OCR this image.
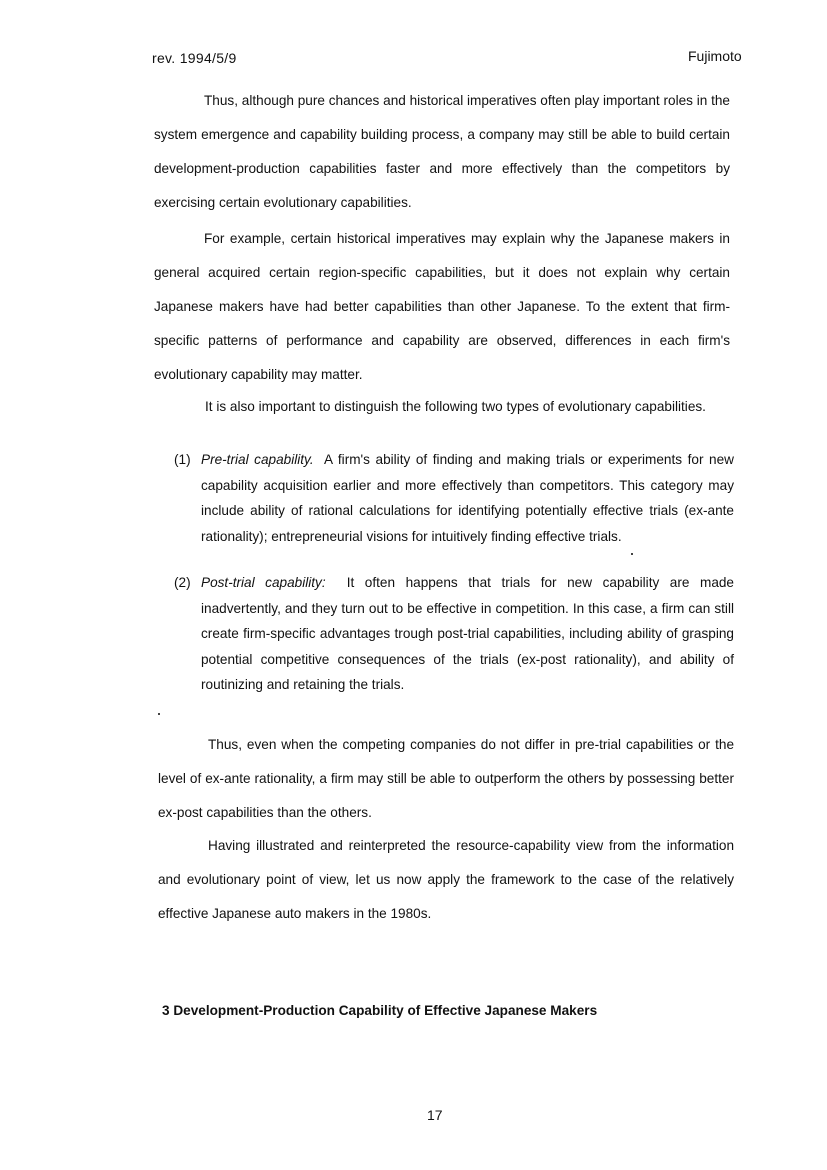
rev. 1994/5/9	Fujimoto

Thus, although pure chances and historical imperatives often play important roles in the system emergence and capability building process, a company may still be able to build certain development-production capabilities faster and more effectively than the competitors by exercising certain evolutionary capabilities.

For example, certain historical imperatives may explain why the Japanese makers in general acquired certain region-specific capabilities, but it does not explain why certain Japanese makers have had better capabilities than other Japanese. To the extent that firm-specific patterns of performance and capability are observed, differences in each firm's evolutionary capability may matter.

It is also important to distinguish the following two types of evolutionary capabilities.

(1) Pre-trial capability. A firm's ability of finding and making trials or experiments for new capability acquisition earlier and more effectively than competitors. This category may include ability of rational calculations for identifying potentially effective trials (ex-ante rationality); entrepreneurial visions for intuitively finding effective trials.
(2) Post-trial capability: It often happens that trials for new capability are made inadvertently, and they turn out to be effective in competition. In this case, a firm can still create firm-specific advantages trough post-trial capabilities, including ability of grasping potential competitive consequences of the trials (ex-post rationality), and ability of routinizing and retaining the trials.

Thus, even when the competing companies do not differ in pre-trial capabilities or the level of ex-ante rationality, a firm may still be able to outperform the others by possessing better ex-post capabilities than the others.

Having illustrated and reinterpreted the resource-capability view from the information and evolutionary point of view, let us now apply the framework to the case of the relatively effective Japanese auto makers in the 1980s.

3 Development-Production Capability of Effective Japanese Makers
17
